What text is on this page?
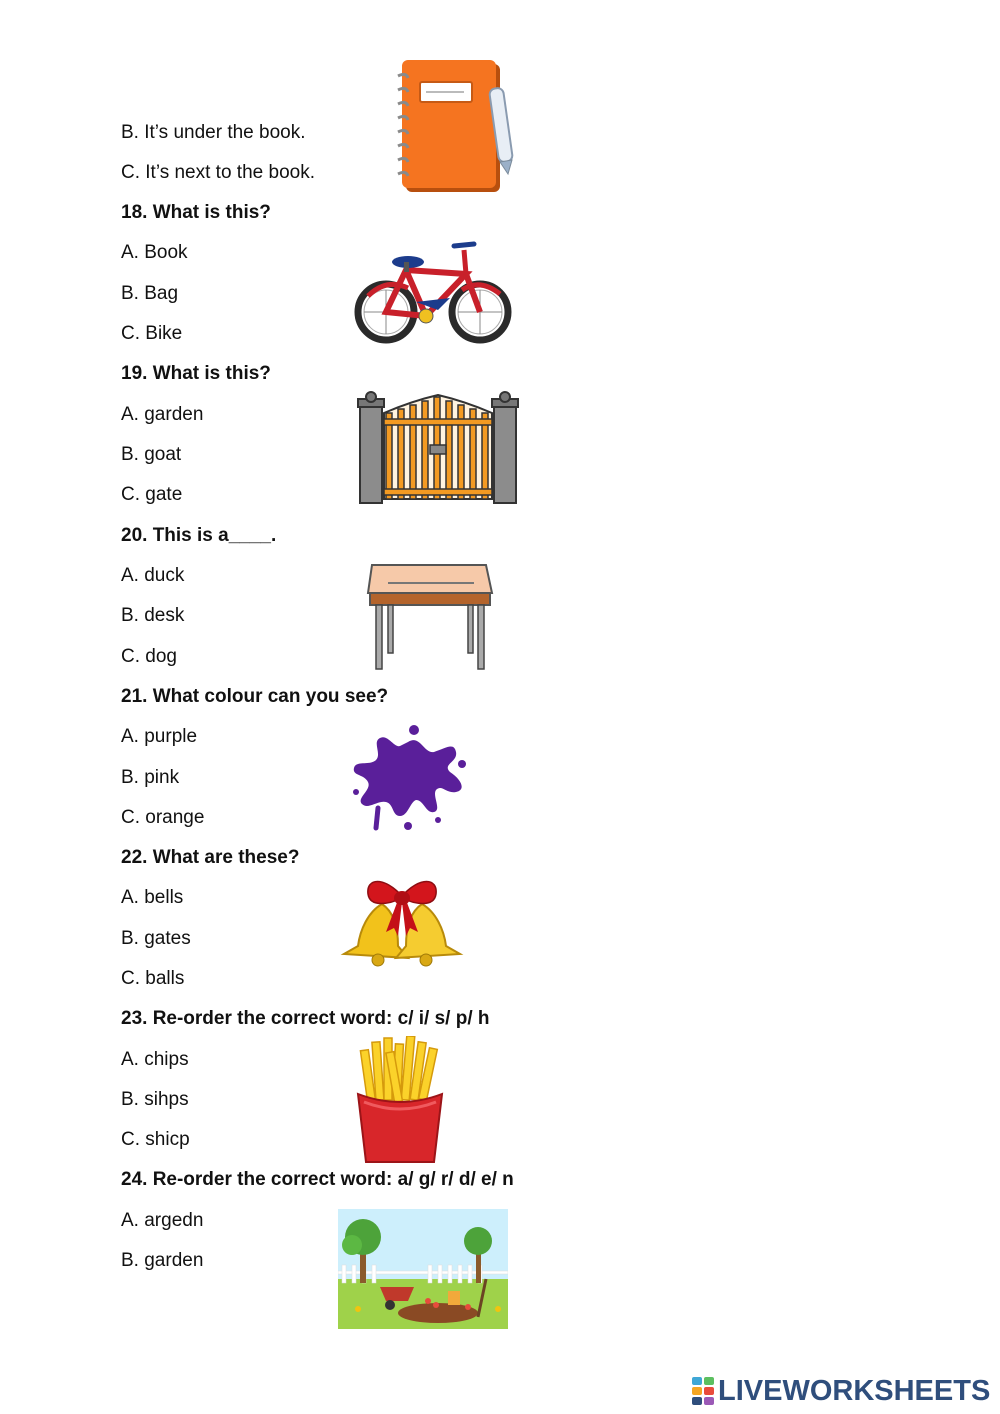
B. It’s under the book.
C. It’s next to the book.
18. What is this?
A. Book
B. Bag
C. Bike
19. What is this?
A. garden
B. goat
C. gate
20. This is a____.
A. duck
B. desk
C. dog
21. What colour can you see?
A. purple
B. pink
C. orange
22. What are these?
A. bells
B. gates
C. balls
23. Re-order the correct word: c/ i/ s/ p/ h
A. chips
B. sihps
C. shicp
24. Re-order the correct word: a/ g/ r/ d/ e/ n
A. argedn
B. garden
LIVEWORKSHEETS
